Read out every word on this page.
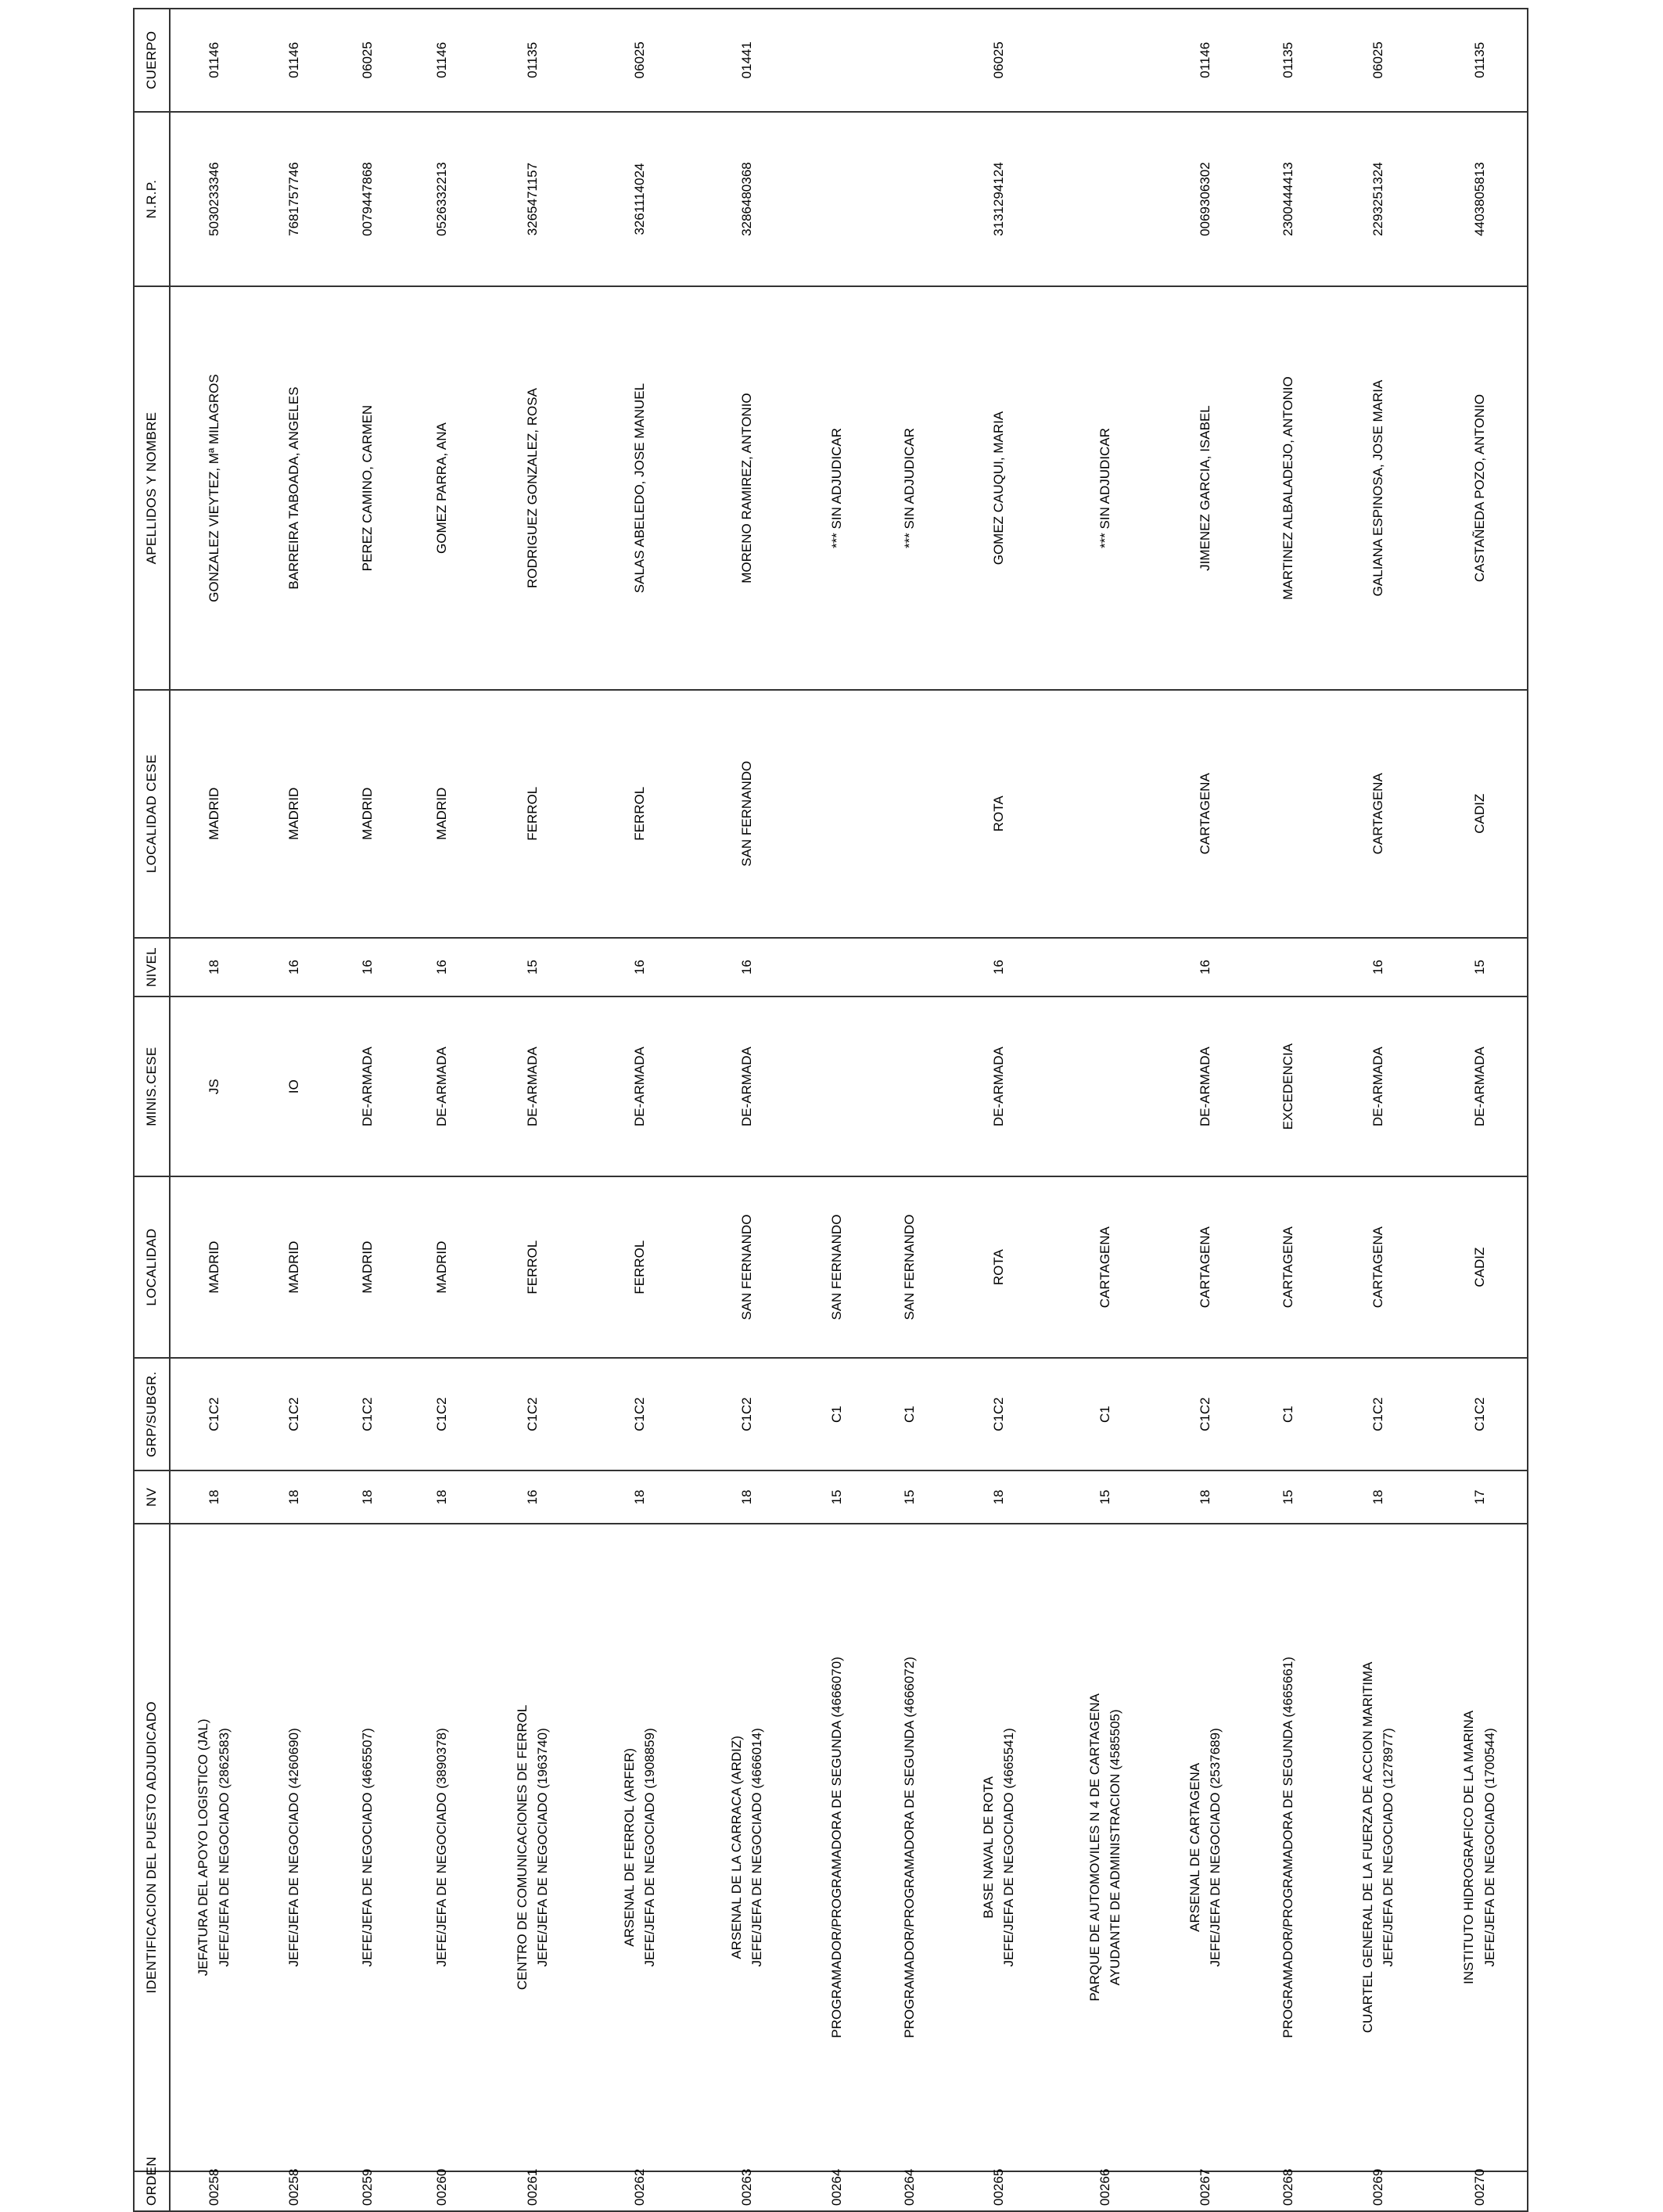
ORDEN	IDENTIFICACION DEL PUESTO ADJUDICADO	NV	GRP/SUBGR.	LOCALIDAD	MINIS.CESE	NIVEL	LOCALIDAD CESE	APELLIDOS Y NOMBRE	N.R.P.	CUERPO
00258	JEFATURA DEL APOYO LOGISTICO (JAL) JEFE/JEFA DE NEGOCIADO (2862583)	18	C1C2	MADRID	JS	18	MADRID	GONZALEZ VIEYTEZ, Mª MILAGROS	5030233346	01146
00258	JEFE/JEFA DE NEGOCIADO (4260690)	18	C1C2	MADRID	IO	16	MADRID	BARREIRA TABOADA, ANGELES	7681757746	01146
00259	JEFE/JEFA DE NEGOCIADO (4665507)	18	C1C2	MADRID	DE-ARMADA	16	MADRID	PEREZ CAMINO, CARMEN	0079447868	06025
00260	JEFE/JEFA DE NEGOCIADO (3890378)	18	C1C2	MADRID	DE-ARMADA	16	MADRID	GOMEZ PARRA, ANA	0526332213	01146
00261	CENTRO DE COMUNICACIONES DE FERROL JEFE/JEFA DE NEGOCIADO (1963740)	16	C1C2	FERROL	DE-ARMADA	15	FERROL	RODRIGUEZ GONZALEZ, ROSA	3265471157	01135
00262	ARSENAL DE FERROL (ARFER) JEFE/JEFA DE NEGOCIADO (1908859)	18	C1C2	FERROL	DE-ARMADA	16	FERROL	SALAS ABELEDO, JOSE MANUEL	3261114024	06025
00263	ARSENAL DE LA CARRACA (ARDIZ) JEFE/JEFA DE NEGOCIADO (4666014)	18	C1C2	SAN FERNANDO	DE-ARMADA	16	SAN FERNANDO	MORENO RAMIREZ, ANTONIO	3286480368	01441
00264	PROGRAMADOR/PROGRAMADORA DE SEGUNDA (4666070)	15	C1	SAN FERNANDO				*** SIN ADJUDICAR		
00264	PROGRAMADOR/PROGRAMADORA DE SEGUNDA (4666072)	15	C1	SAN FERNANDO				*** SIN ADJUDICAR		
00265	BASE NAVAL DE ROTA JEFE/JEFA DE NEGOCIADO (4665541)	18	C1C2	ROTA	DE-ARMADA	16	ROTA	GOMEZ CAUQUI, MARIA	3131294124	06025
00266	PARQUE DE AUTOMOVILES N 4 DE CARTAGENA AYUDANTE DE ADMINISTRACION (4585505)	15	C1	CARTAGENA				*** SIN ADJUDICAR		
00267	ARSENAL DE CARTAGENA JEFE/JEFA DE NEGOCIADO (2537689)	18	C1C2	CARTAGENA	DE-ARMADA	16	CARTAGENA	JIMENEZ GARCIA, ISABEL	0069306302	01146
00268	PROGRAMADOR/PROGRAMADORA DE SEGUNDA (4665661)	15	C1	CARTAGENA	EXCEDENCIA			MARTINEZ ALBALADEJO, ANTONIO	2300444413	01135
00269	CUARTEL GENERAL DE LA FUERZA DE ACCION MARITIMA JEFE/JEFA DE NEGOCIADO (1278977)	18	C1C2	CARTAGENA	DE-ARMADA	16	CARTAGENA	GALIANA ESPINOSA, JOSE MARIA	2293251324	06025
00270	INSTITUTO HIDROGRAFICO DE LA MARINA JEFE/JEFA DE NEGOCIADO (1700544)	17	C1C2	CADIZ	DE-ARMADA	15	CADIZ	CASTAÑEDA POZO, ANTONIO	4403805813	01135
